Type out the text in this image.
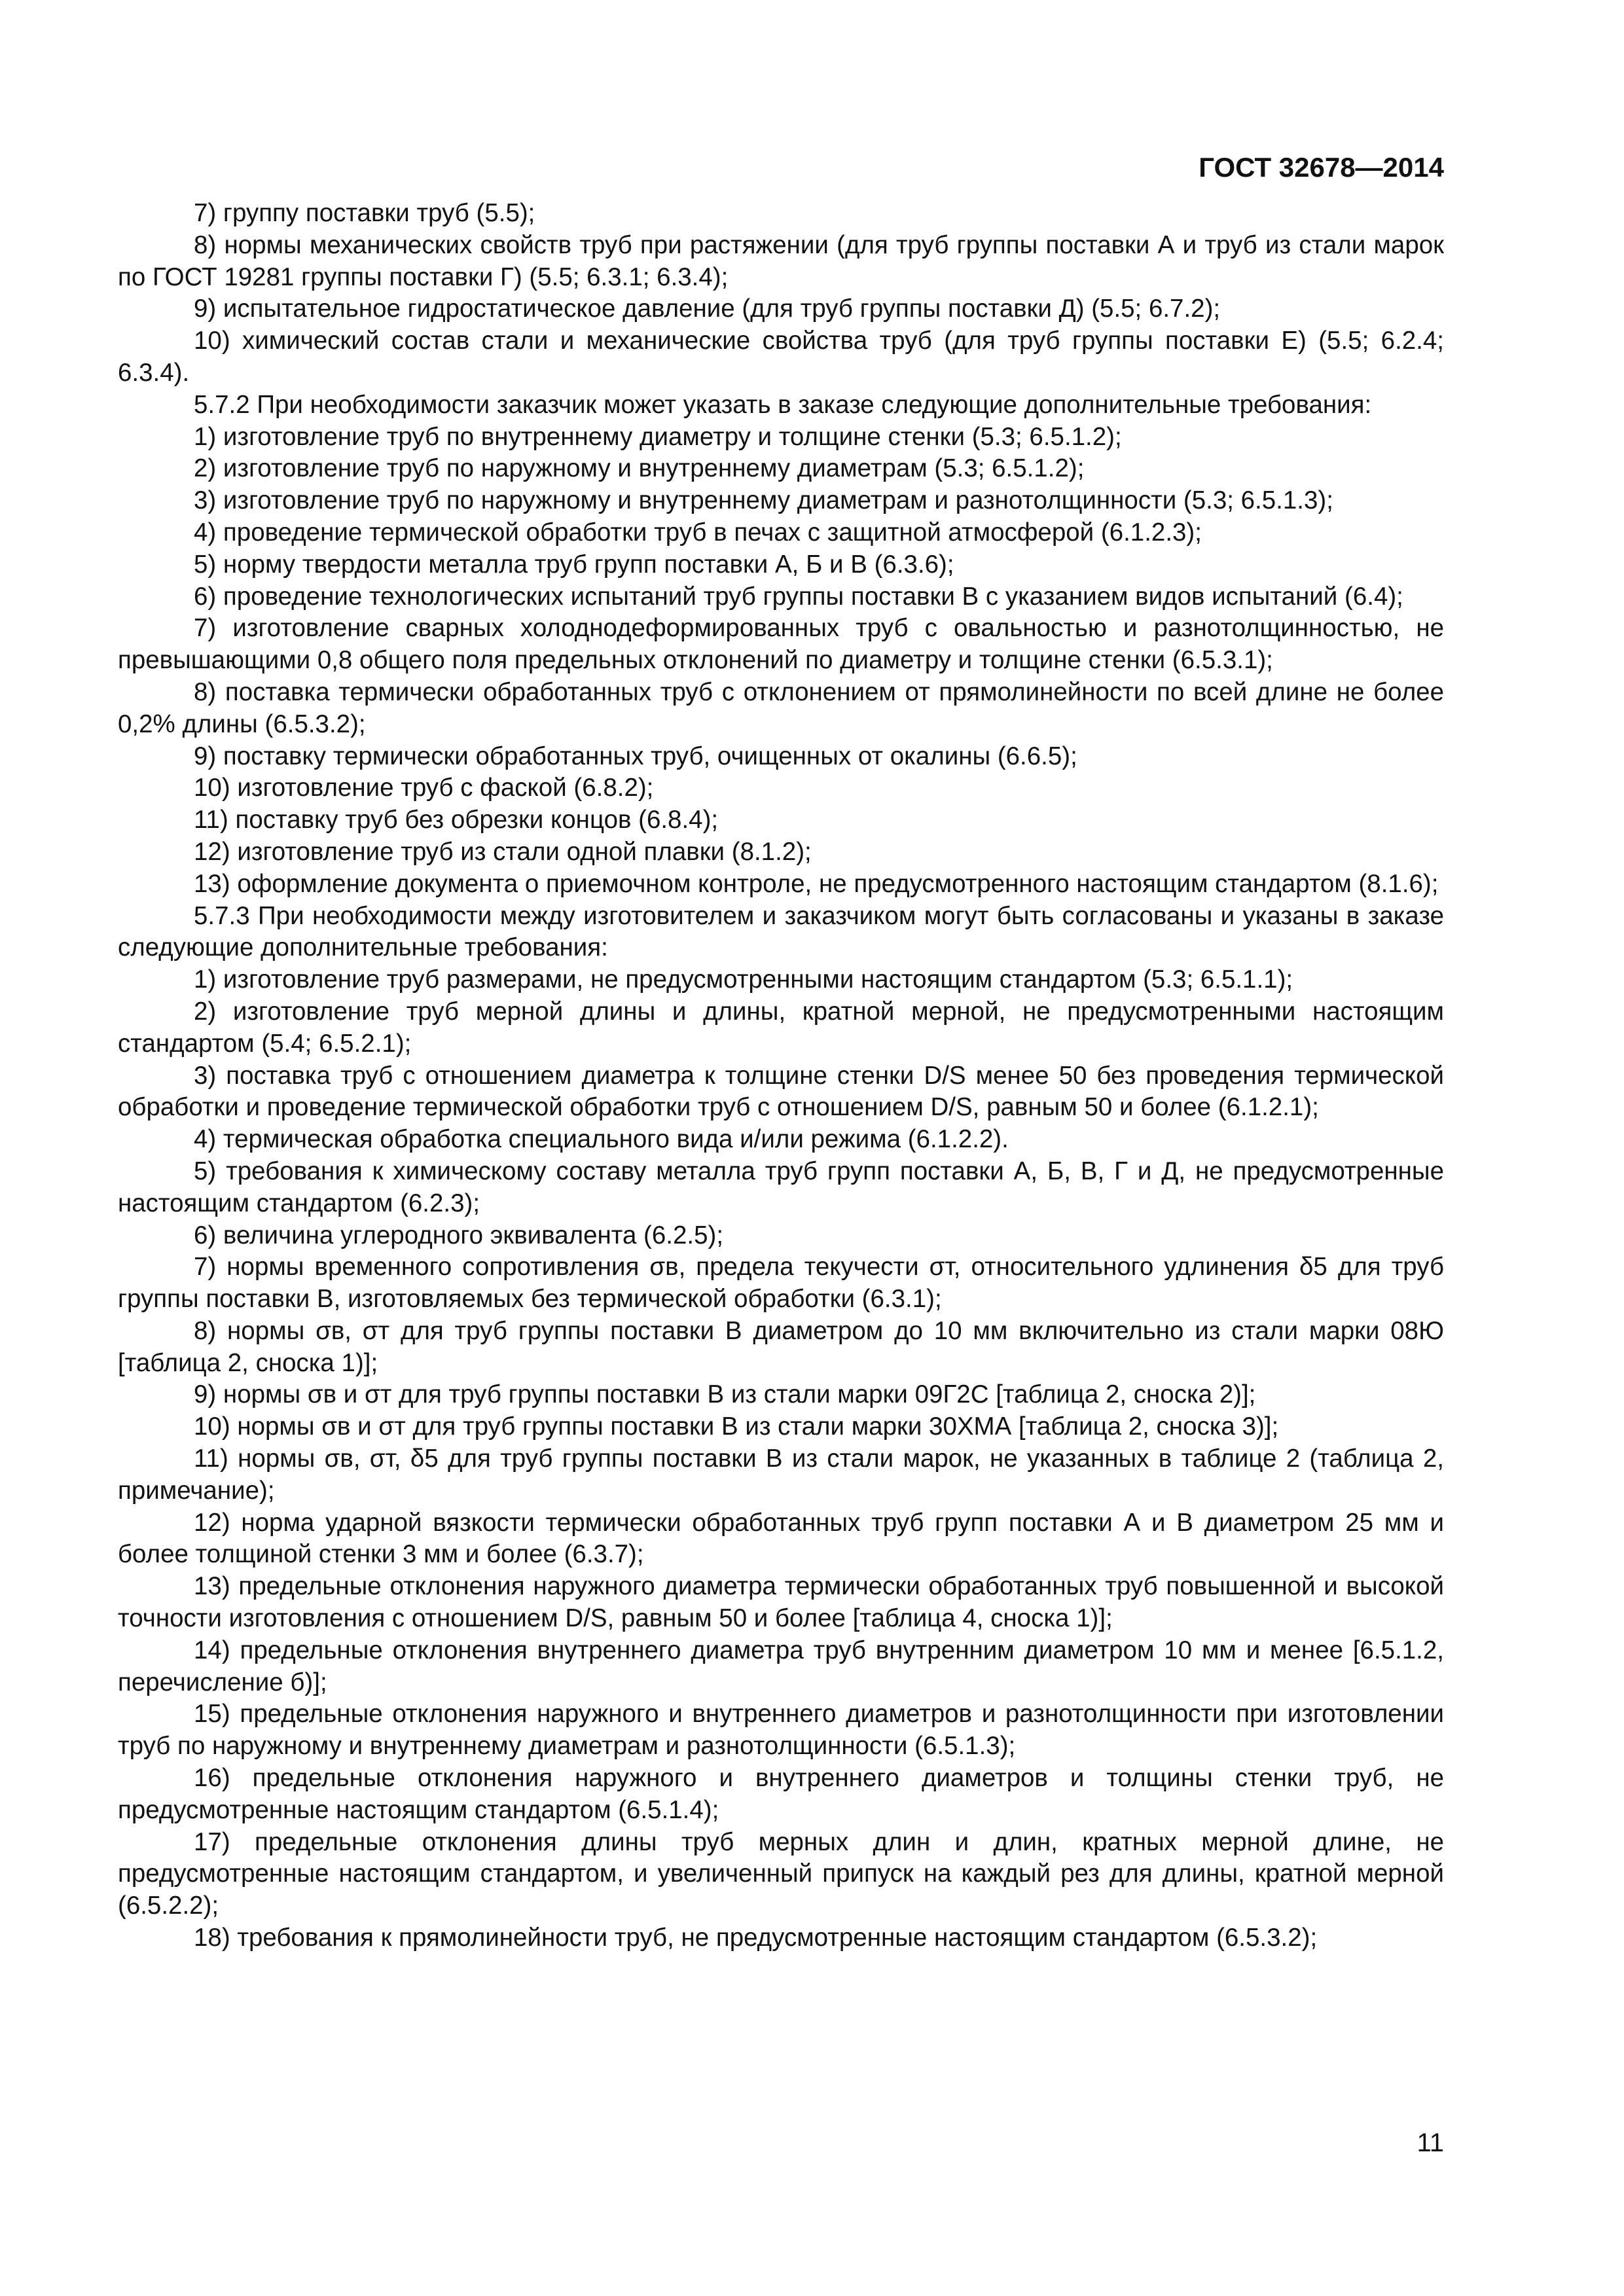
ГОСТ 32678—2014

7) группу поставки труб (5.5);

8) нормы механических свойств труб при растяжении (для труб группы поставки А и труб из стали марок по ГОСТ 19281 группы поставки Г) (5.5; 6.3.1; 6.3.4);

9) испытательное гидростатическое давление (для труб группы поставки Д) (5.5; 6.7.2);

10) химический состав стали и механические свойства труб (для труб группы поставки Е) (5.5; 6.2.4; 6.3.4).

5.7.2 При необходимости заказчик может указать в заказе следующие дополнительные требования:

1) изготовление труб по внутреннему диаметру и толщине стенки (5.3; 6.5.1.2);

2) изготовление труб по наружному и внутреннему диаметрам (5.3; 6.5.1.2);

3) изготовление труб по наружному и внутреннему диаметрам и разнотолщинности (5.3; 6.5.1.3);

4) проведение термической обработки труб в печах с защитной атмосферой (6.1.2.3);

5) норму твердости металла труб групп поставки А, Б и В (6.3.6);

6) проведение технологических испытаний труб группы поставки В с указанием видов испытаний (6.4);

7) изготовление сварных холоднодеформированных труб с овальностью и разнотолщинностью, не превышающими 0,8 общего поля предельных отклонений по диаметру и толщине стенки (6.5.3.1);

8) поставка термически обработанных труб с отклонением от прямолинейности по всей длине не более 0,2% длины (6.5.3.2);

9) поставку термически обработанных труб, очищенных от окалины (6.6.5);

10) изготовление труб с фаской (6.8.2);

11) поставку труб без обрезки концов (6.8.4);

12) изготовление труб из стали одной плавки (8.1.2);

13) оформление документа о приемочном контроле, не предусмотренного настоящим стандартом (8.1.6);

5.7.3 При необходимости между изготовителем и заказчиком могут быть согласованы и указаны в заказе следующие дополнительные требования:

1) изготовление труб размерами, не предусмотренными настоящим стандартом (5.3; 6.5.1.1);

2) изготовление труб мерной длины и длины, кратной мерной, не предусмотренными настоящим стандартом (5.4; 6.5.2.1);

3) поставка труб с отношением диаметра к толщине стенки D/S менее 50 без проведения термической обработки и проведение термической обработки труб с отношением D/S, равным 50 и более (6.1.2.1);

4) термическая обработка специального вида и/или режима (6.1.2.2).

5) требования к химическому составу металла труб групп поставки А, Б, В, Г и Д, не предусмотренные настоящим стандартом (6.2.3);

6) величина углеродного эквивалента (6.2.5);

7) нормы временного сопротивления σв, предела текучести σт, относительного удлинения δ5 для труб группы поставки В, изготовляемых без термической обработки (6.3.1);

8) нормы σв, σт для труб группы поставки В диаметром до 10 мм включительно из стали марки 08Ю [таблица 2, сноска 1)];

9) нормы σв и σт для труб группы поставки В из стали марки 09Г2С [таблица 2, сноска 2)];

10) нормы σв и σт для труб группы поставки В из стали марки 30ХМА [таблица 2, сноска 3)];

11) нормы σв, σт, δ5 для труб группы поставки В из стали марок, не указанных в таблице 2 (таблица 2, примечание);

12) норма ударной вязкости термически обработанных труб групп поставки А и В диаметром 25 мм и более толщиной стенки 3 мм и более (6.3.7);

13) предельные отклонения наружного диаметра термически обработанных труб повышенной и высокой точности изготовления с отношением D/S, равным 50 и более [таблица 4, сноска 1)];

14) предельные отклонения внутреннего диаметра труб внутренним диаметром 10 мм и менее [6.5.1.2, перечисление б)];

15) предельные отклонения наружного и внутреннего диаметров и разнотолщинности при изготовлении труб по наружному и внутреннему диаметрам и разнотолщинности (6.5.1.3);

16) предельные отклонения наружного и внутреннего диаметров и толщины стенки труб, не предусмотренные настоящим стандартом (6.5.1.4);

17) предельные отклонения длины труб мерных длин и длин, кратных мерной длине, не предусмотренные настоящим стандартом, и увеличенный припуск на каждый рез для длины, кратной мерной (6.5.2.2);

18) требования к прямолинейности труб, не предусмотренные настоящим стандартом (6.5.3.2);

11
